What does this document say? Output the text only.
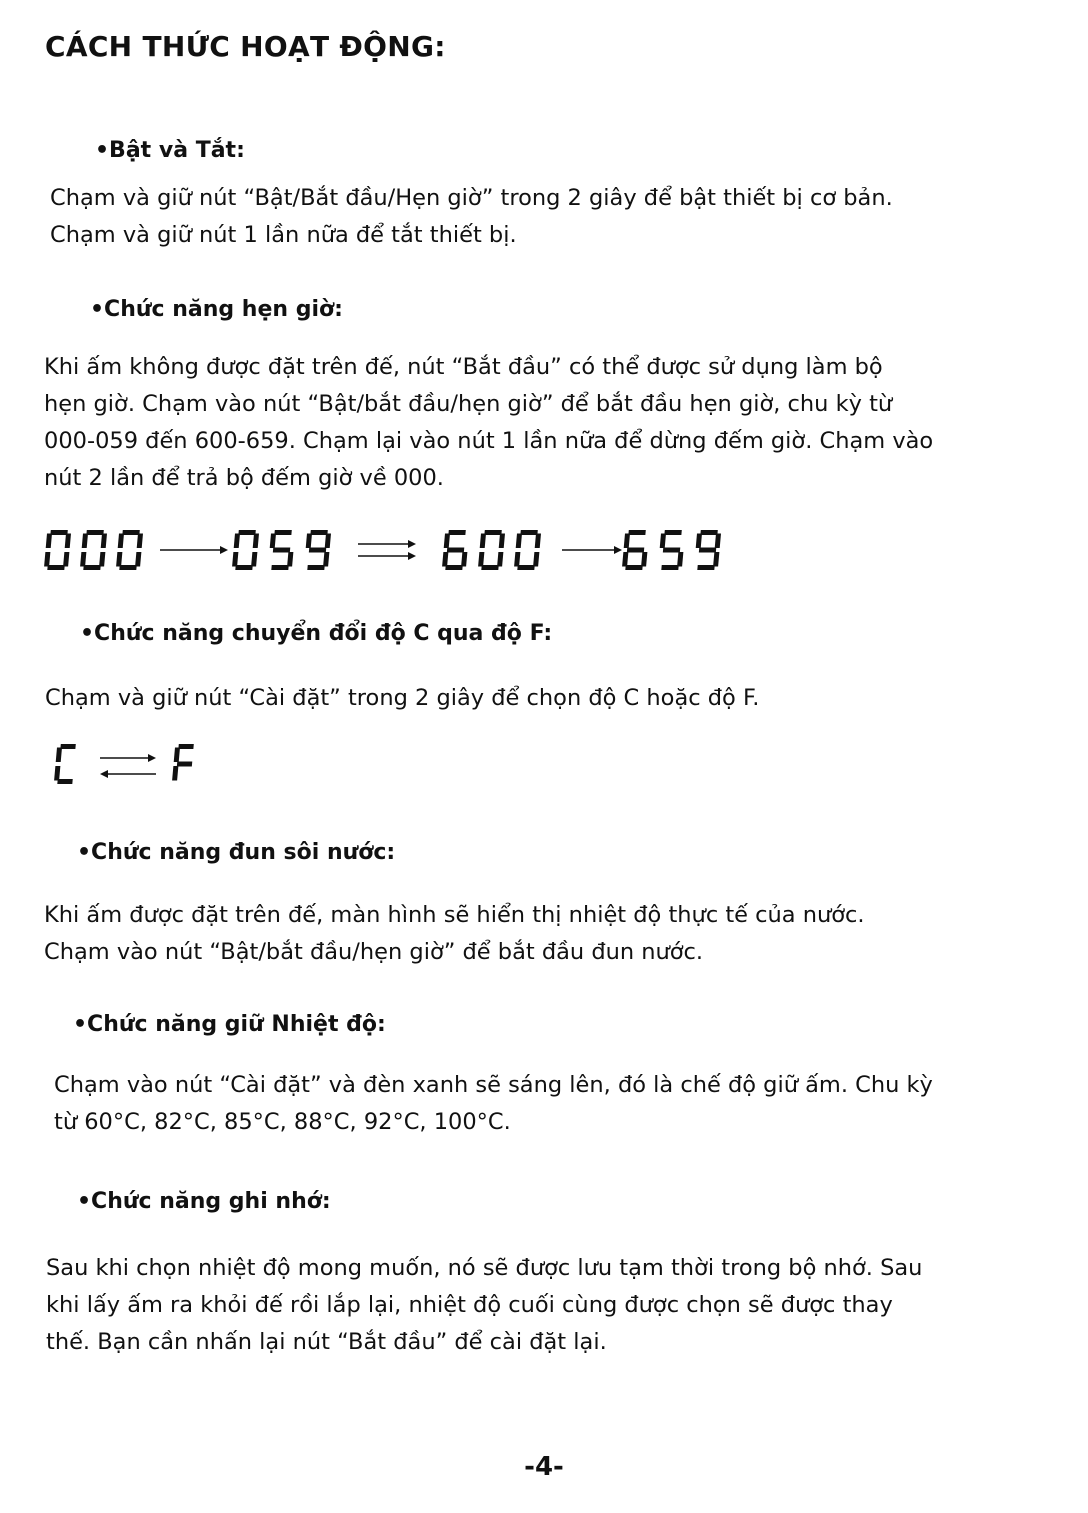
CÁCH THỨC HOẠT ĐỘNG:
•Bật và Tắt:
Chạm và giữ nút “Bật/Bắt đầu/Hẹn giờ” trong 2 giây để bật thiết bị cơ bản.
Chạm và giữ nút 1 lần nữa để tắt thiết bị.
•Chức năng hẹn giờ:
Khi ấm không được đặt trên đế, nút “Bắt đầu” có thể được sử dụng làm bộ
hẹn giờ. Chạm vào nút “Bật/bắt đầu/hẹn giờ” để bắt đầu hẹn giờ, chu kỳ từ
000-059 đến 600-659. Chạm lại vào nút 1 lần nữa để dừng đếm giờ. Chạm vào
nút 2 lần để trả bộ đếm giờ về 000.
•Chức năng chuyển đổi độ C qua độ F:
Chạm và giữ nút “Cài đặt” trong 2 giây để chọn độ C hoặc độ F.
•Chức năng đun sôi nước:
Khi ấm được đặt trên đế, màn hình sẽ hiển thị nhiệt độ thực tế của nước.
Chạm vào nút “Bật/bắt đầu/hẹn giờ” để bắt đầu đun nước.
•Chức năng giữ Nhiệt độ:
Chạm vào nút “Cài đặt” và đèn xanh sẽ sáng lên, đó là chế độ giữ ấm. Chu kỳ
từ 60°C, 82°C, 85°C, 88°C, 92°C, 100°C.
•Chức năng ghi nhớ:
Sau khi chọn nhiệt độ mong muốn, nó sẽ được lưu tạm thời trong bộ nhớ. Sau
khi lấy ấm ra khỏi đế rồi lắp lại, nhiệt độ cuối cùng được chọn sẽ được thay
thế. Bạn cần nhấn lại nút “Bắt đầu” để cài đặt lại.
-4-
